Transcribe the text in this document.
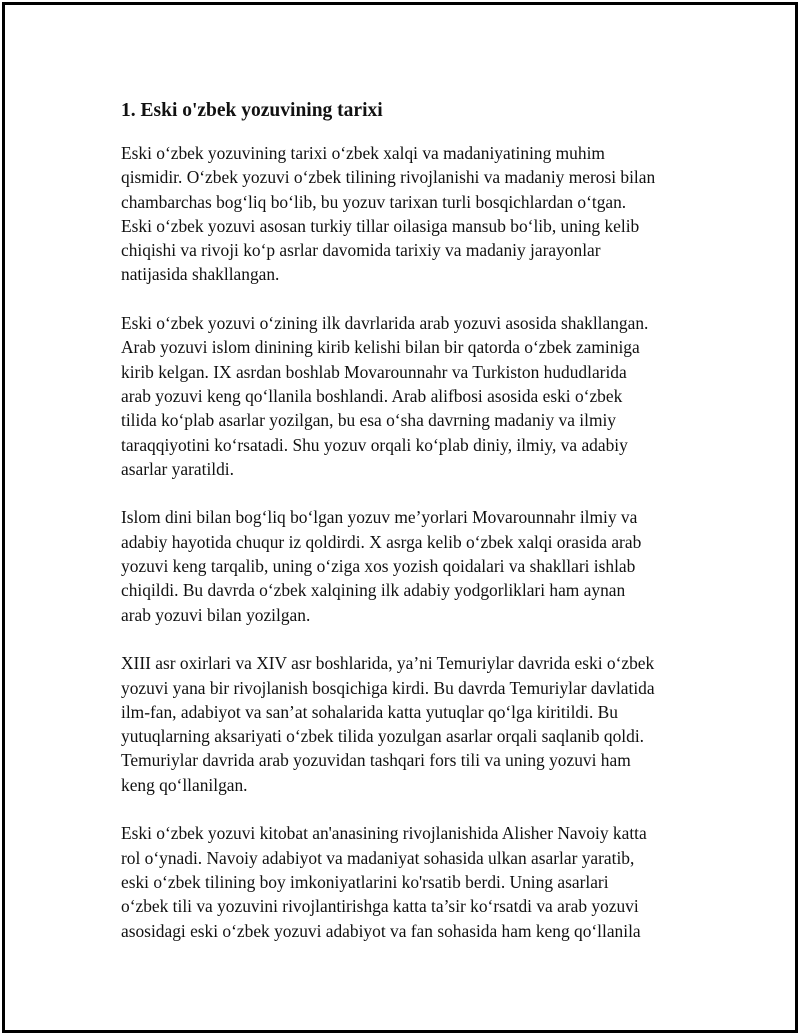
1. Eski o'zbek yozuvining tarixi
Eski o‘zbek yozuvining tarixi o‘zbek xalqi va madaniyatining muhim
qismidir. O‘zbek yozuvi o‘zbek tilining rivojlanishi va madaniy merosi bilan
chambarchas bog‘liq bo‘lib, bu yozuv tarixan turli bosqichlardan o‘tgan.
Eski o‘zbek yozuvi asosan turkiy tillar oilasiga mansub bo‘lib, uning kelib
chiqishi va rivoji ko‘p asrlar davomida tarixiy va madaniy jarayonlar
natijasida shakllangan.
Eski o‘zbek yozuvi o‘zining ilk davrlarida arab yozuvi asosida shakllangan.
Arab yozuvi islom dinining kirib kelishi bilan bir qatorda o‘zbek zaminiga
kirib kelgan. IX asrdan boshlab Movarounnahr va Turkiston hududlarida
arab yozuvi keng qo‘llanila boshlandi. Arab alifbosi asosida eski o‘zbek
tilida ko‘plab asarlar yozilgan, bu esa o‘sha davrning madaniy va ilmiy
taraqqiyotini ko‘rsatadi. Shu yozuv orqali ko‘plab diniy, ilmiy, va adabiy
asarlar yaratildi.
Islom dini bilan bog‘liq bo‘lgan yozuv me’yorlari Movarounnahr ilmiy va
adabiy hayotida chuqur iz qoldirdi. X asrga kelib o‘zbek xalqi orasida arab
yozuvi keng tarqalib, uning o‘ziga xos yozish qoidalari va shakllari ishlab
chiqildi. Bu davrda o‘zbek xalqining ilk adabiy yodgorliklari ham aynan
arab yozuvi bilan yozilgan.
XIII asr oxirlari va XIV asr boshlarida, ya’ni Temuriylar davrida eski o‘zbek
yozuvi yana bir rivojlanish bosqichiga kirdi. Bu davrda Temuriylar davlatida
ilm-fan, adabiyot va san’at sohalarida katta yutuqlar qo‘lga kiritildi. Bu
yutuqlarning aksariyati o‘zbek tilida yozulgan asarlar orqali saqlanib qoldi.
Temuriylar davrida arab yozuvidan tashqari fors tili va uning yozuvi ham
keng qo‘llanilgan.
Eski o‘zbek yozuvi kitobat an'anasining rivojlanishida Alisher Navoiy katta
rol o‘ynadi. Navoiy adabiyot va madaniyat sohasida ulkan asarlar yaratib,
eski o‘zbek tilining boy imkoniyatlarini ko'rsatib berdi. Uning asarlari
o‘zbek tili va yozuvini rivojlantirishga katta ta’sir ko‘rsatdi va arab yozuvi
asosidagi eski o‘zbek yozuvi adabiyot va fan sohasida ham keng qo‘llanila
